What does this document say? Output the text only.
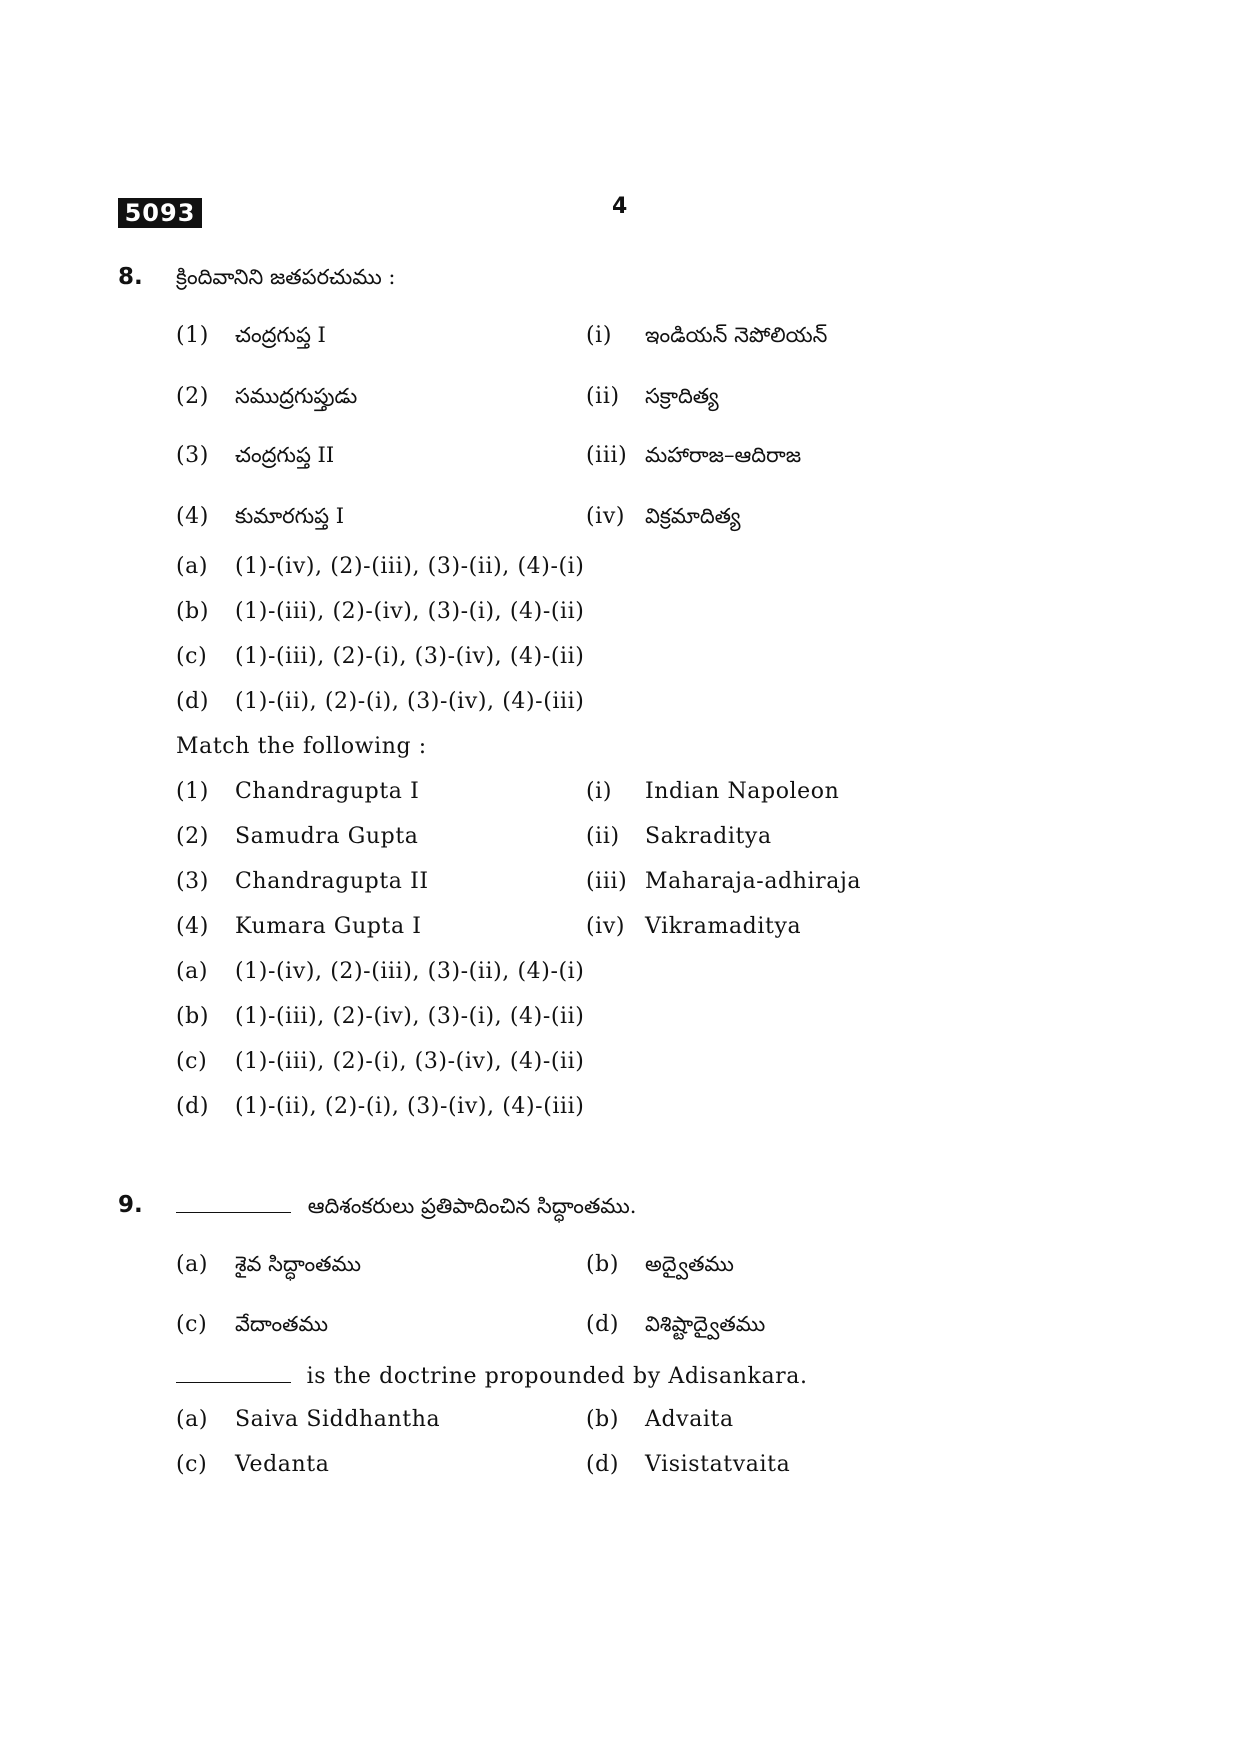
5093	4
8. క్రిందివానిని జతపరచుము :
(1) చంద్రగుప్త I	(i) ఇండియన్ నెపోలియన్
(2) సముద్రగుప్తుడు	(ii) సక్రాదిత్య
(3) చంద్రగుప్త II	(iii) మహారాజ–ఆదిరాజ
(4) కుమారగుప్త I	(iv) విక్రమాదిత్య
(a) (1)-(iv), (2)-(iii), (3)-(ii), (4)-(i)
(b) (1)-(iii), (2)-(iv), (3)-(i), (4)-(ii)
(c) (1)-(iii), (2)-(i), (3)-(iv), (4)-(ii)
(d) (1)-(ii), (2)-(i), (3)-(iv), (4)-(iii)
Match the following :
(1) Chandragupta I	(i) Indian Napoleon
(2) Samudra Gupta	(ii) Sakraditya
(3) Chandragupta II	(iii) Maharaja-adhiraja
(4) Kumara Gupta I	(iv) Vikramaditya
(a) (1)-(iv), (2)-(iii), (3)-(ii), (4)-(i)
(b) (1)-(iii), (2)-(iv), (3)-(i), (4)-(ii)
(c) (1)-(iii), (2)-(i), (3)-(iv), (4)-(ii)
(d) (1)-(ii), (2)-(i), (3)-(iv), (4)-(iii)
9.	ఆదిశంకరులు ప్రతిపాదించిన సిద్ధాంతము.
(a) శైవ సిద్ధాంతము	(b) అద్వైతము
(c) వేదాంతము	(d) విశిష్టాద్వైతము
is the doctrine propounded by Adisankara.
(a) Saiva Siddhantha	(b) Advaita
(c) Vedanta	(d) Visistatvaita
